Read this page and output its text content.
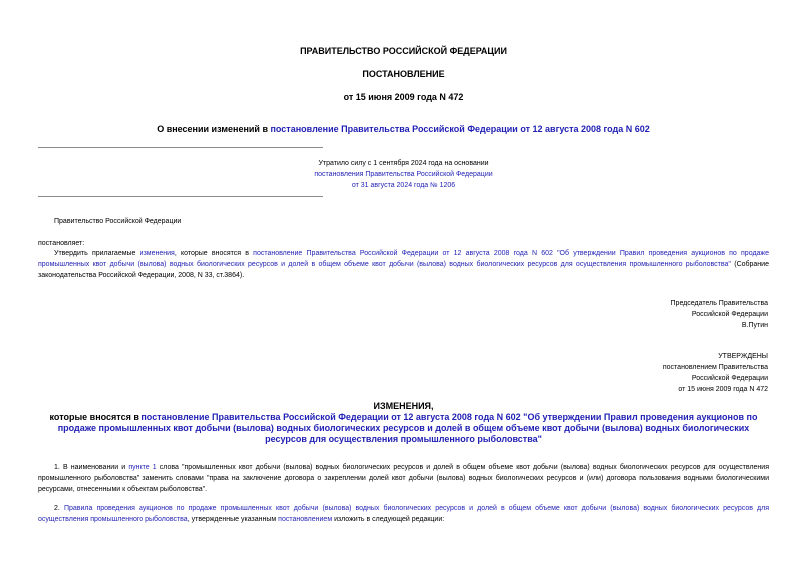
ПРАВИТЕЛЬСТВО РОССИЙСКОЙ ФЕДЕРАЦИИ
ПОСТАНОВЛЕНИЕ
от 15 июня 2009 года N 472
О внесении изменений в постановление Правительства Российской Федерации от 12 августа 2008 года N 602

Утратило силу с 1 сентября 2024 года на основании

постановления Правительства Российской Федерации

от 31 августа 2024 года № 1206

Правительство Российской Федерации
постановляет:
Утвердить прилагаемые изменения, которые вносятся в постановление Правительства Российской Федерации от 12 августа 2008 года N 602 "Об утверждении Правил проведения аукционов по продаже промышленных квот добычи (вылова) водных биологических ресурсов и долей в общем объеме квот добычи (вылова) водных биологических ресурсов для осуществления промышленного рыболовства" (Собрание законодательства Российской Федерации, 2008, N 33, ст.3864).

Председатель Правительства

Российской Федерации

В.Путин

УТВЕРЖДЕНЫ

постановлением Правительства

Российской Федерации

от 15 июня 2009 года N 472

ИЗМЕНЕНИЯ,

которые вносятся в постановление Правительства Российской Федерации от 12 августа 2008 года N 602 "Об утверждении Правил проведения аукционов по продаже промышленных квот добычи (вылова) водных биологических ресурсов и долей в общем объеме квот добычи (вылова) водных биологических ресурсов для осуществления промышленного рыболовства"

1. В наименовании и пункте 1 слова "промышленных квот добычи (вылова) водных биологических ресурсов и долей в общем объеме квот добычи (вылова) водных биологических ресурсов для осуществления промышленного рыболовства" заменить словами "права на заключение договора о закреплении долей квот добычи (вылова) водных биологических ресурсов и (или) договора пользования водными биологическими ресурсами, отнесенными к объектам рыболовства".
2. Правила проведения аукционов по продаже промышленных квот добычи (вылова) водных биологических ресурсов и долей в общем объеме квот добычи (вылова) водных биологических ресурсов для осуществления промышленного рыболовства, утвержденные указанным постановлением изложить в следующей редакции:
